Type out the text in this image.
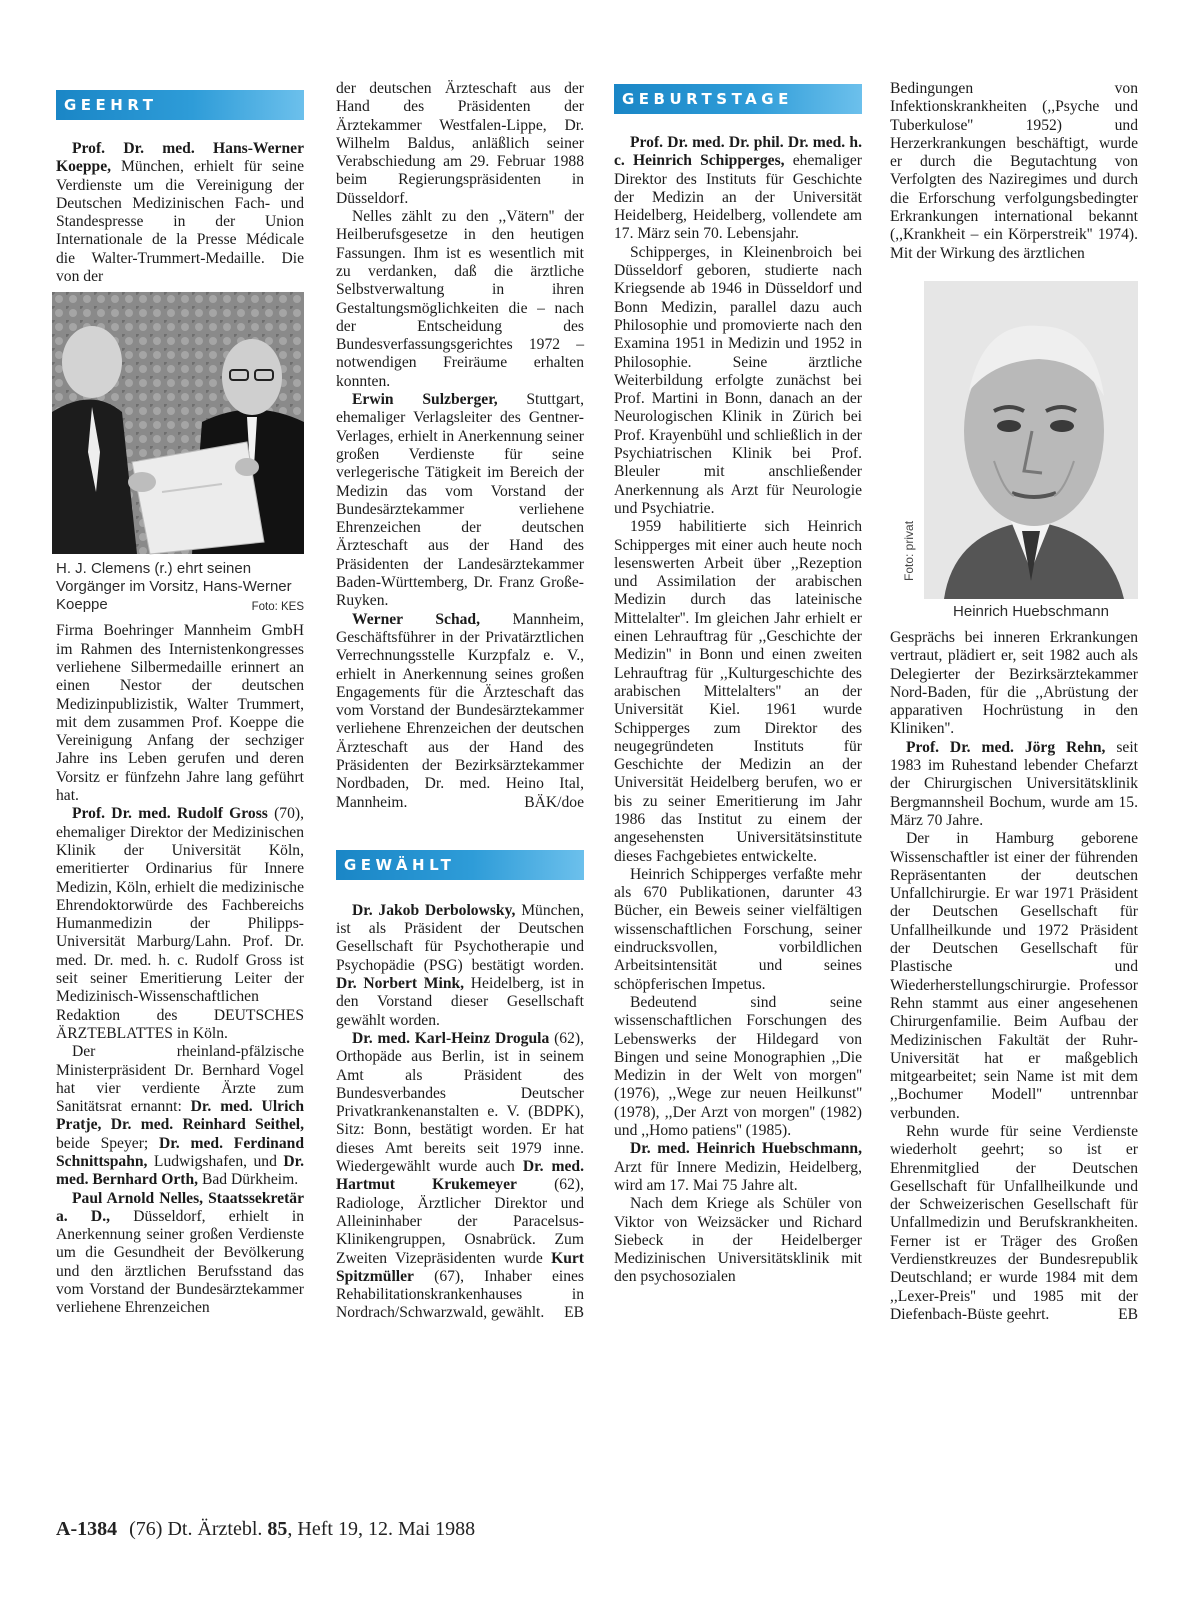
GEEHRT

Prof. Dr. med. Hans-Werner Koeppe, München, erhielt für seine Verdienste um die Vereinigung der Deutschen Medizinischen Fach- und Standespresse in der Union Internationale de la Presse Médicale die Walter-Trummert-Medaille. Die von der

H. J. Clemens (r.) ehrt seinen Vorgänger im Vorsitz, Hans-Werner Koeppe	Foto: KES

Firma Boehringer Mannheim GmbH im Rahmen des Internistenkongresses verliehene Silbermedaille erinnert an einen Nestor der deutschen Medizinpublizistik, Walter Trummert, mit dem zusammen Prof. Koeppe die Vereinigung Anfang der sechziger Jahre ins Leben gerufen und deren Vorsitz er fünfzehn Jahre lang geführt hat.

Prof. Dr. med. Rudolf Gross (70), ehemaliger Direktor der Medizinischen Klinik der Universität Köln, emeritierter Ordinarius für Innere Medizin, Köln, erhielt die medizinische Ehrendoktorwürde des Fachbereichs Humanmedizin der Philipps-Universität Marburg/Lahn. Prof. Dr. med. Dr. med. h. c. Rudolf Gross ist seit seiner Emeritierung Leiter der Medizinisch-Wissenschaftlichen Redaktion des DEUTSCHES ÄRZTEBLATTES in Köln.

Der rheinland-pfälzische Ministerpräsident Dr. Bernhard Vogel hat vier verdiente Ärzte zum Sanitätsrat ernannt: Dr. med. Ulrich Pratje, Dr. med. Reinhard Seithel, beide Speyer; Dr. med. Ferdinand Schnittspahn, Ludwigshafen, und Dr. med. Bernhard Orth, Bad Dürkheim.

Paul Arnold Nelles, Staatssekretär a. D., Düsseldorf, erhielt in Anerkennung seiner großen Verdienste um die Gesundheit der Bevölkerung und den ärztlichen Berufsstand das vom Vorstand der Bundesärztekammer verliehene Ehrenzeichen

der deutschen Ärzteschaft aus der Hand des Präsidenten der Ärztekammer Westfalen-Lippe, Dr. Wilhelm Baldus, anläßlich seiner Verabschiedung am 29. Februar 1988 beim Regierungspräsidenten in Düsseldorf.

Nelles zählt zu den ,,Vätern'' der Heilberufsgesetze in den heutigen Fassungen. Ihm ist es wesentlich mit zu verdanken, daß die ärztliche Selbstverwaltung in ihren Gestaltungsmöglichkeiten die – nach der Entscheidung des Bundesverfassungsgerichtes 1972 – notwendigen Freiräume erhalten konnten.

Erwin Sulzberger, Stuttgart, ehemaliger Verlagsleiter des Gentner-Verlages, erhielt in Anerkennung seiner großen Verdienste für seine verlegerische Tätigkeit im Bereich der Medizin das vom Vorstand der Bundesärztekammer verliehene Ehrenzeichen der deutschen Ärzteschaft aus der Hand des Präsidenten der Landesärztekammer Baden-Württemberg, Dr. Franz Große-Ruyken.

Werner Schad, Mannheim, Geschäftsführer in der Privatärztlichen Verrechnungsstelle Kurzpfalz e. V., erhielt in Anerkennung seines großen Engagements für die Ärzteschaft das vom Vorstand der Bundesärztekammer verliehene Ehrenzeichen der deutschen Ärzteschaft aus der Hand des Präsidenten der Bezirksärztekammer Nordbaden, Dr. med. Heino Ital, Mannheim.	BÄK/doe

GEWÄHLT

Dr. Jakob Derbolowsky, München, ist als Präsident der Deutschen Gesellschaft für Psychotherapie und Psychopädie (PSG) bestätigt worden. Dr. Norbert Mink, Heidelberg, ist in den Vorstand dieser Gesellschaft gewählt worden.

Dr. med. Karl-Heinz Drogula (62), Orthopäde aus Berlin, ist in seinem Amt als Präsident des Bundesverbandes Deutscher Privatkrankenanstalten e. V. (BDPK), Sitz: Bonn, bestätigt worden. Er hat dieses Amt bereits seit 1979 inne. Wiedergewählt wurde auch Dr. med. Hartmut Krukemeyer (62), Radiologe, Ärztlicher Direktor und Alleininhaber der Paracelsus-Klinikengruppen, Osnabrück. Zum Zweiten Vizepräsidenten wurde Kurt Spitzmüller (67), Inhaber eines Rehabilitationskrankenhauses in Nordrach/Schwarzwald, gewählt.	EB

GEBURTSTAGE

Prof. Dr. med. Dr. phil. Dr. med. h. c. Heinrich Schipperges, ehemaliger Direktor des Instituts für Geschichte der Medizin an der Universität Heidelberg, Heidelberg, vollendete am 17. März sein 70. Lebensjahr.

Schipperges, in Kleinenbroich bei Düsseldorf geboren, studierte nach Kriegsende ab 1946 in Düsseldorf und Bonn Medizin, parallel dazu auch Philosophie und promovierte nach den Examina 1951 in Medizin und 1952 in Philosophie. Seine ärztliche Weiterbildung erfolgte zunächst bei Prof. Martini in Bonn, danach an der Neurologischen Klinik in Zürich bei Prof. Krayenbühl und schließlich in der Psychiatrischen Klinik bei Prof. Bleuler mit anschließender Anerkennung als Arzt für Neurologie und Psychiatrie.

1959 habilitierte sich Heinrich Schipperges mit einer auch heute noch lesenswerten Arbeit über ,,Rezeption und Assimilation der arabischen Medizin durch das lateinische Mittelalter''. Im gleichen Jahr erhielt er einen Lehrauftrag für ,,Geschichte der Medizin'' in Bonn und einen zweiten Lehrauftrag für ,,Kulturgeschichte des arabischen Mittelalters'' an der Universität Kiel. 1961 wurde Schipperges zum Direktor des neugegründeten Instituts für Geschichte der Medizin an der Universität Heidelberg berufen, wo er bis zu seiner Emeritierung im Jahr 1986 das Institut zu einem der angesehensten Universitätsinstitute dieses Fachgebietes entwickelte.

Heinrich Schipperges verfaßte mehr als 670 Publikationen, darunter 43 Bücher, ein Beweis seiner vielfältigen wissenschaftlichen Forschung, seiner eindrucksvollen, vorbildlichen Arbeitsintensität und seines schöpferischen Impetus.

Bedeutend sind seine wissenschaftlichen Forschungen des Lebenswerks der Hildegard von Bingen und seine Monographien ,,Die Medizin in der Welt von morgen'' (1976), ,,Wege zur neuen Heilkunst'' (1978), ,,Der Arzt von morgen'' (1982) und ,,Homo patiens'' (1985).

Dr. med. Heinrich Huebschmann, Arzt für Innere Medizin, Heidelberg, wird am 17. Mai 75 Jahre alt.

Nach dem Kriege als Schüler von Viktor von Weizsäcker und Richard Siebeck in der Heidelberger Medizinischen Universitätsklinik mit den psychosozialen

Bedingungen von Infektionskrankheiten (,,Psyche und Tuberkulose'' 1952) und Herzerkrankungen beschäftigt, wurde er durch die Begutachtung von Verfolgten des Naziregimes und durch die Erforschung verfolgungsbedingter Erkrankungen international bekannt (,,Krankheit – ein Körperstreik'' 1974). Mit der Wirkung des ärztlichen

Foto: privat
Heinrich Huebschmann

Gesprächs bei inneren Erkrankungen vertraut, plädiert er, seit 1982 auch als Delegierter der Bezirksärztekammer Nord-Baden, für die ,,Abrüstung der apparativen Hochrüstung in den Kliniken''.

Prof. Dr. med. Jörg Rehn, seit 1983 im Ruhestand lebender Chefarzt der Chirurgischen Universitätsklinik Bergmannsheil Bochum, wurde am 15. März 70 Jahre.

Der in Hamburg geborene Wissenschaftler ist einer der führenden Repräsentanten der deutschen Unfallchirurgie. Er war 1971 Präsident der Deutschen Gesellschaft für Unfallheilkunde und 1972 Präsident der Deutschen Gesellschaft für Plastische und Wiederherstellungschirurgie. Professor Rehn stammt aus einer angesehenen Chirurgenfamilie. Beim Aufbau der Medizinischen Fakultät der Ruhr-Universität hat er maßgeblich mitgearbeitet; sein Name ist mit dem ,,Bochumer Modell'' untrennbar verbunden.

Rehn wurde für seine Verdienste wiederholt geehrt; so ist er Ehrenmitglied der Deutschen Gesellschaft für Unfallheilkunde und der Schweizerischen Gesellschaft für Unfallmedizin und Berufskrankheiten. Ferner ist er Träger des Großen Verdienstkreuzes der Bundesrepublik Deutschland; er wurde 1984 mit dem ,,Lexer-Preis'' und 1985 mit der Diefenbach-Büste geehrt.	EB

A-1384 (76) Dt. Ärztebl. 85, Heft 19, 12. Mai 1988
